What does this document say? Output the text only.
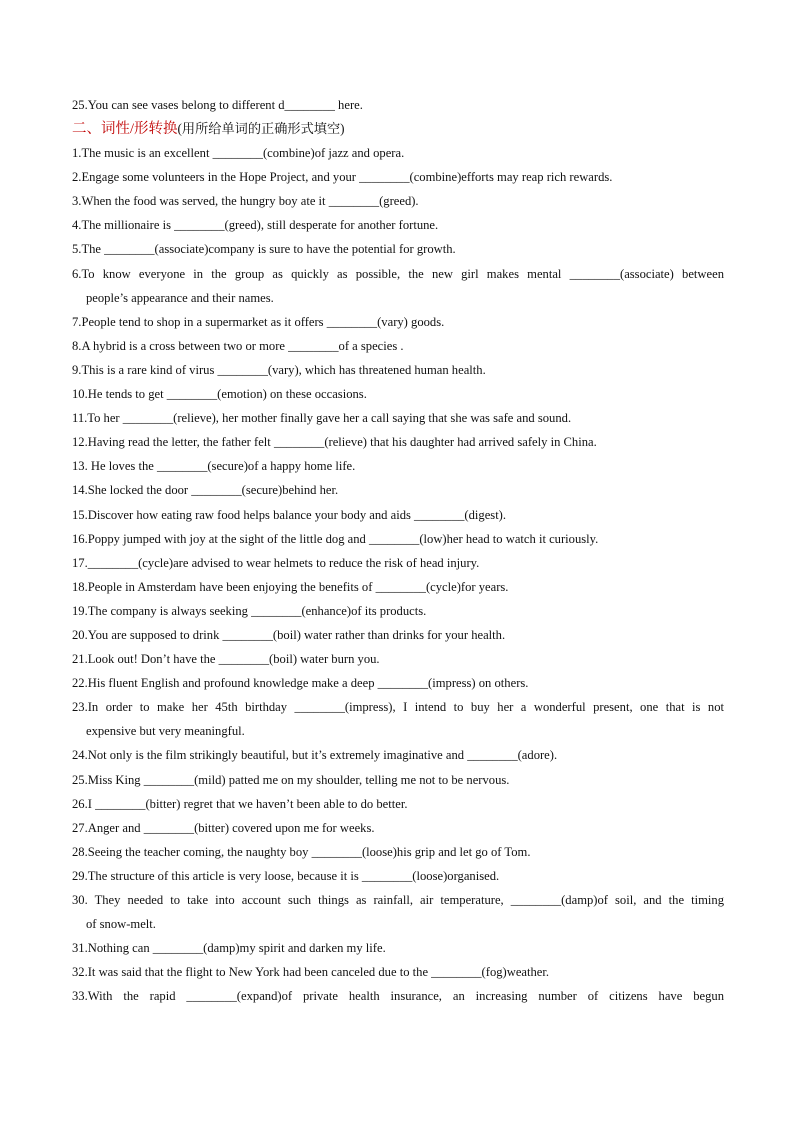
25.You can see vases belong to different d________ here.
二、词性/形转换(用所给单词的正确形式填空)
1.The music is an excellent ________(combine)of jazz and opera.
2.Engage some volunteers in the Hope Project, and your ________(combine)efforts may reap rich rewards.
3.When the food was served, the hungry boy ate it ________(greed).
4.The millionaire is ________(greed), still desperate for another fortune.
5.The ________(associate)company is sure to have the potential for growth.
6.To know everyone in the group as quickly as possible, the new girl makes mental ________(associate) between
people’s appearance and their names.
7.People tend to shop in a supermarket as it offers ________(vary) goods.
8.A hybrid is a cross between two or more ________of a species .
9.This is a rare kind of virus ________(vary), which has threatened human health.
10.He tends to get ________(emotion) on these occasions.
11.To her ________(relieve), her mother finally gave her a call saying that she was safe and sound.
12.Having read the letter, the father felt ________(relieve) that his daughter had arrived safely in China.
13. He loves the ________(secure)of a happy home life.
14.She locked the door ________(secure)behind her.
15.Discover how eating raw food helps balance your body and aids ________(digest).
16.Poppy jumped with joy at the sight of the little dog and ________(low)her head to watch it curiously.
17.________(cycle)are advised to wear helmets to reduce the risk of head injury.
18.People in Amsterdam have been enjoying the benefits of ________(cycle)for years.
19.The company is always seeking ________(enhance)of its products.
20.You are supposed to drink ________(boil) water rather than drinks for your health.
21.Look out! Don’t have the ________(boil) water burn you.
22.His fluent English and profound knowledge make a deep ________(impress) on others.
23.In order to make her 45th birthday ________(impress), I intend to buy her a wonderful present, one that is not
expensive but very meaningful.
24.Not only is the film strikingly beautiful, but it’s extremely imaginative and ________(adore).
25.Miss King ________(mild) patted me on my shoulder, telling me not to be nervous.
26.I ________(bitter) regret that we haven’t been able to do better.
27.Anger and ________(bitter) covered upon me for weeks.
28.Seeing the teacher coming, the naughty boy ________(loose)his grip and let go of Tom.
29.The structure of this article is very loose, because it is ________(loose)organised.
30. They needed to take into account such things as rainfall, air temperature, ________(damp)of soil, and the timing
of snow-melt.
31.Nothing can ________(damp)my spirit and darken my life.
32.It was said that the flight to New York had been canceled due to the ________(fog)weather.
33.With the rapid ________(expand)of private health insurance, an increasing number of citizens have begun
